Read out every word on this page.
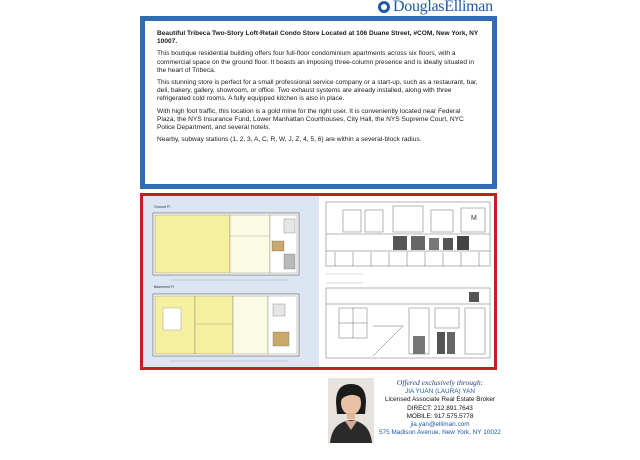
DouglasElliman
Beautiful Tribeca Two-Story Loft-Retail Condo Store Located at 106 Duane Street, #COM, New York, NY 10007.

This boutique residential building offers four full-floor condominium apartments across six floors, with a commercial space on the ground floor. It boasts an imposing three-column presence and is ideally situated in the heart of Tribeca.

This stunning store is perfect for a small professional service company or a start-up, such as a restaurant, bar, deli, bakery, gallery, showroom, or office. Two exhaust systems are already installed, along with three refrigerated cold rooms. A fully equipped kitchen is also in place.

With high foot traffic, this location is a gold mine for the right user. It is conveniently located near Federal Plaza, the NYS Insurance Fund, Lower Manhattan Courthouses, City Hall, the NYS Supreme Court, NYC Police Department, and several hotels.

Nearby, subway stations (1, 2, 3, A, C, R, W, J, Z, 4, 5, 6) are within a several-block radius.

Ground Fl
Basement Fl
M
Offered exclusively through:
JIA YUAN (LAURA) YAN
Licensed Associate Real Estate Broker
DIRECT: 212.891.7643
MOBILE: 917.575.5778
jia.yan@elliman.com
575 Madison Avenue, New York, NY 10022
